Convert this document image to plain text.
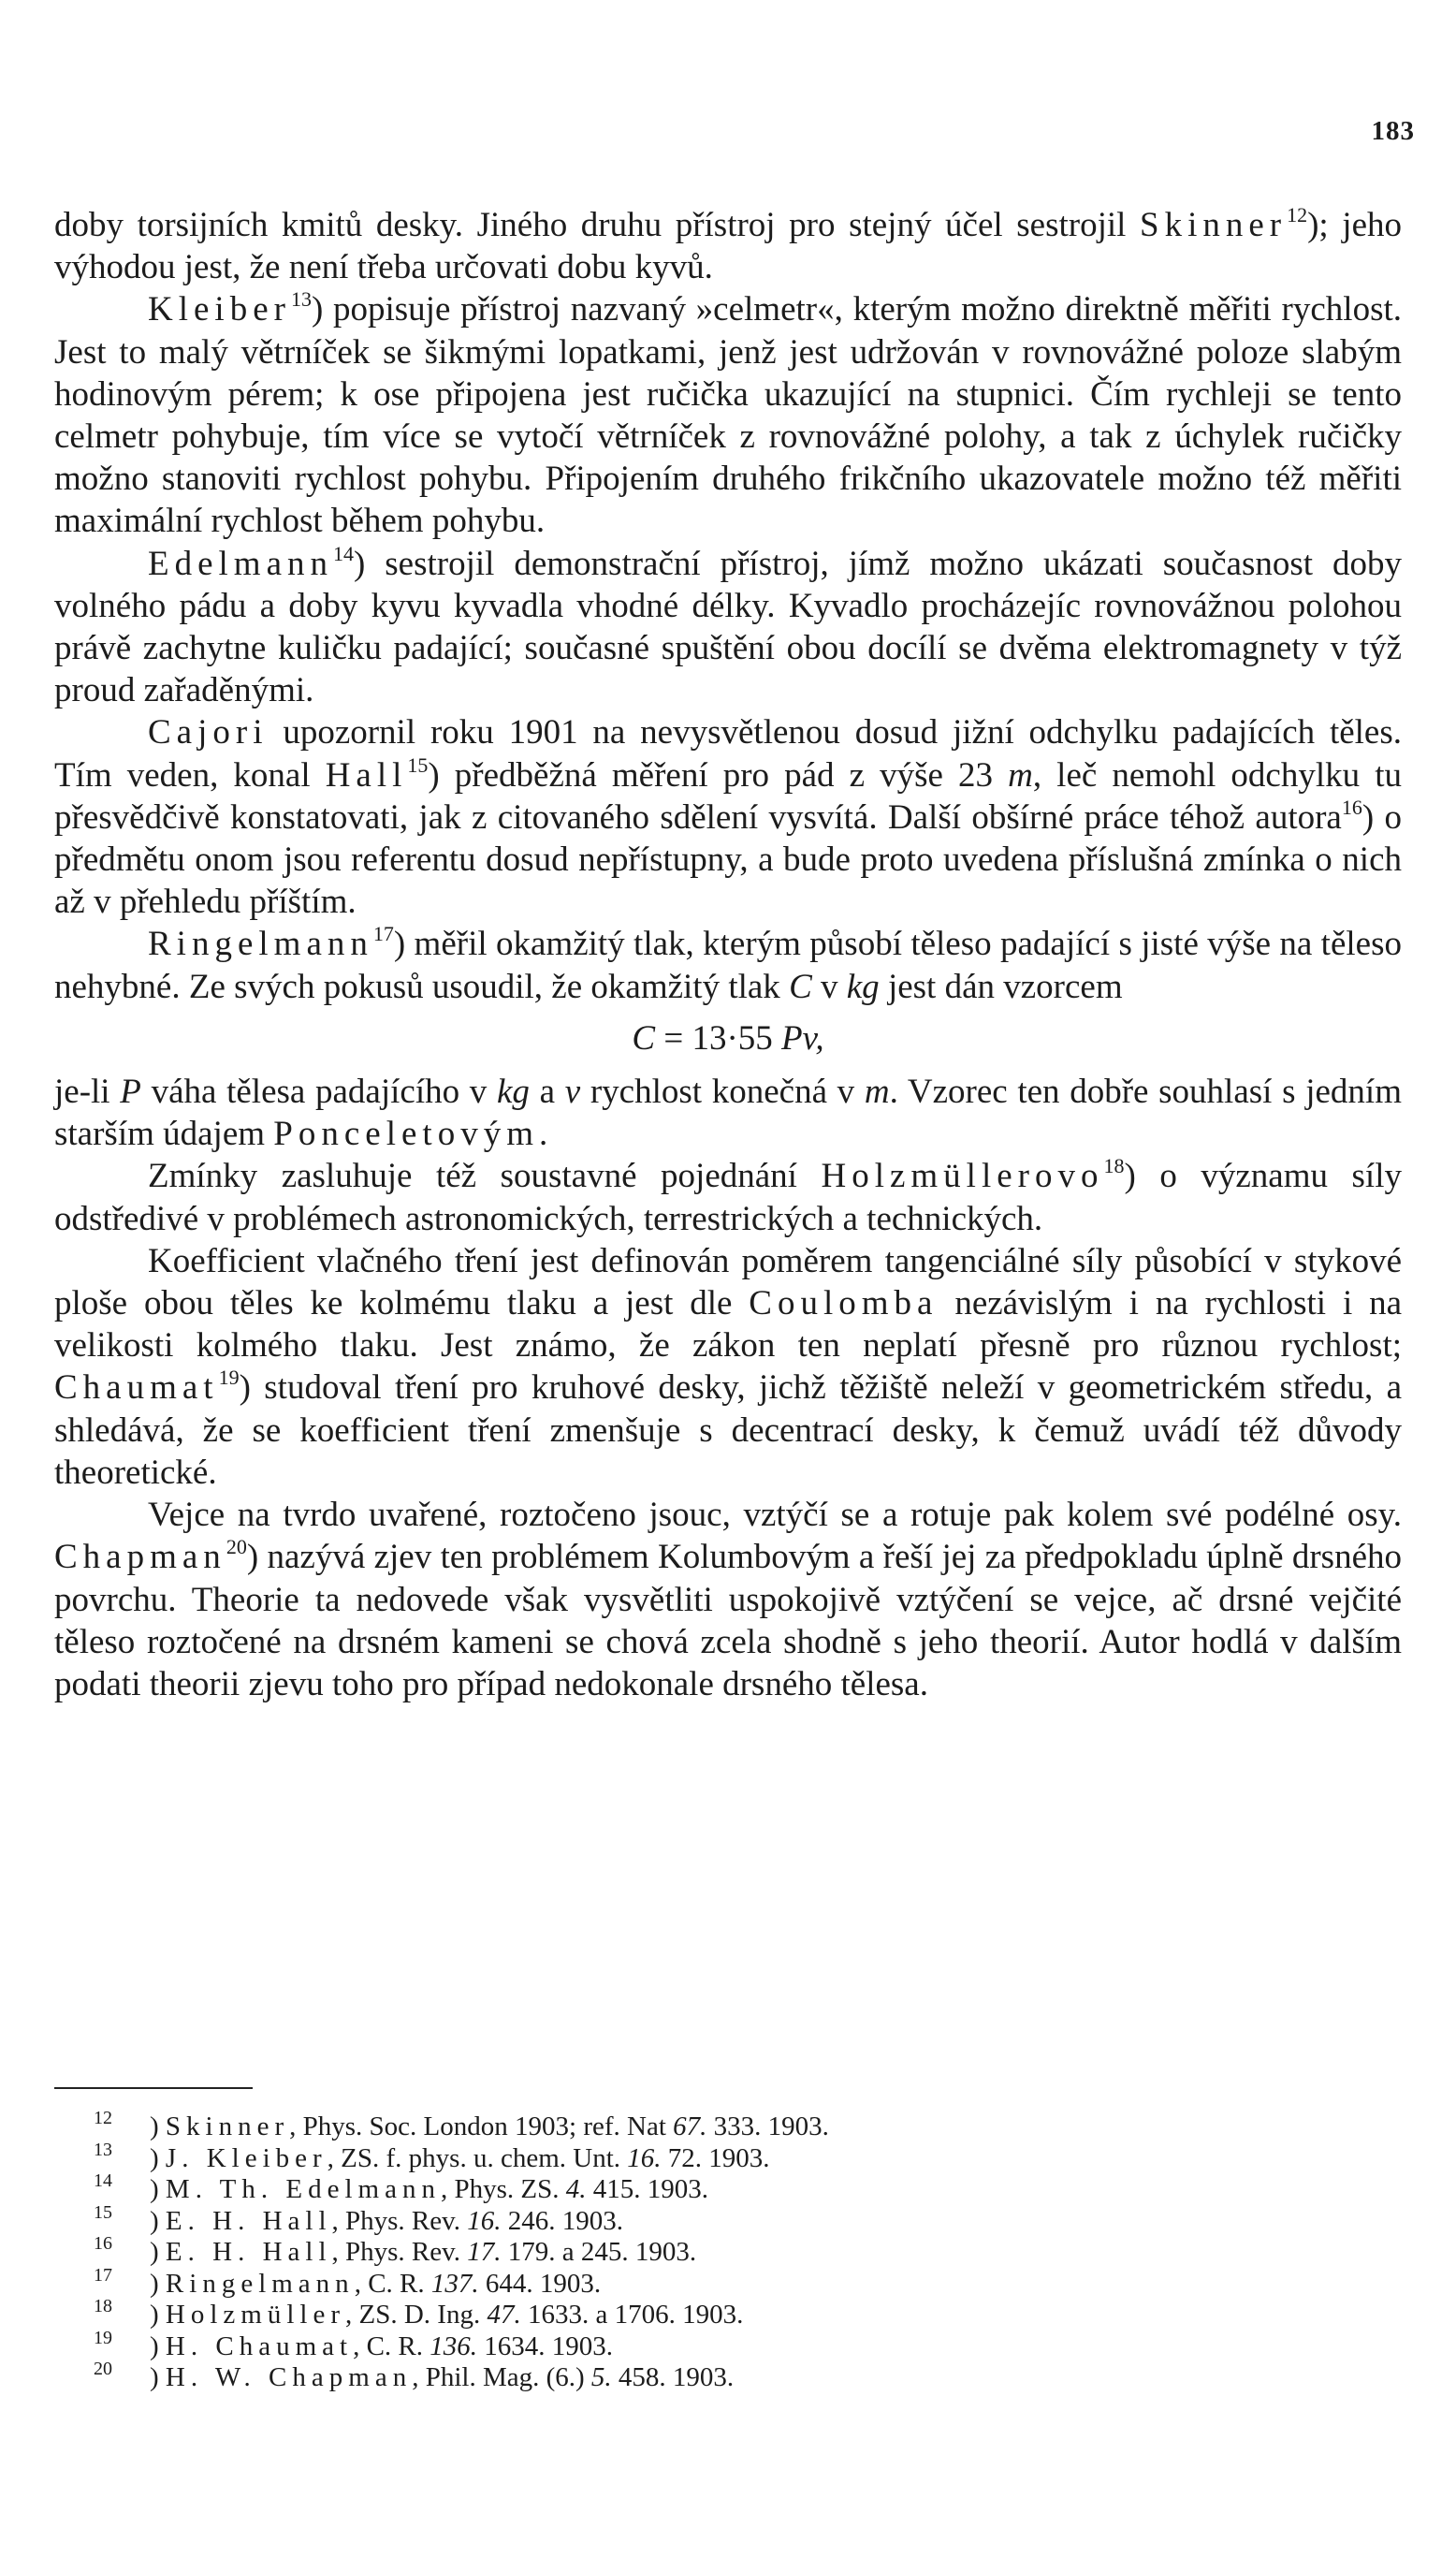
183

doby torsijních kmitů desky. Jiného druhu přístroj pro stejný účel sestrojil Skinner$^{12}$); jeho výhodou jest, že není třeba určovati dobu kyvů.

Kleiber$^{13}$) popisuje přístroj nazvaný »celmetr«, kterým možno direktně měřiti rychlost. Jest to malý větrníček se šikmými lopatkami, jenž jest udržován v rovnovážné poloze slabým hodinovým pérem; k ose připojena jest ručička ukazující na stupnici. Čím rychleji se tento celmetr pohybuje, tím více se vytočí větrníček z rovnovážné polohy, a tak z úchylek ručičky možno stanoviti rychlost pohybu. Připojením druhého frikčního ukazovatele možno též měřiti maximální rychlost během pohybu.

Edelmann$^{14}$) sestrojil demonstrační přístroj, jímž možno ukázati současnost doby volného pádu a doby kyvu kyvadla vhodné délky. Kyvadlo procházejíc rovnovážnou polohou právě zachytne kuličku padající; současné spuštění obou docílí se dvěma elektromagnety v týž proud zařaděnými.

Cajori upozornil roku 1901 na nevysvětlenou dosud jižní odchylku padajících těles. Tím veden, konal Hall$^{15}$) předběžná měření pro pád z výše 23 m, leč nemohl odchylku tu přesvědčivě konstatovati, jak z citovaného sdělení vysvítá. Další obšírné práce téhož autora$^{16}$) o předmětu onom jsou referentu dosud nepřístupny, a bude proto uvedena příslušná zmínka o nich až v přehledu příštím.

Ringelmann$^{17}$) měřil okamžitý tlak, kterým působí těleso padající s jisté výše na těleso nehybné. Ze svých pokusů usoudil, že okamžitý tlak C v kg jest dán vzorcem

C = 13·55 Pv,

je-li P váha tělesa padajícího v kg a v rychlost konečná v m. Vzorec ten dobře souhlasí s jedním starším údajem Ponceletovým.

Zmínky zasluhuje též soustavné pojednání Holzmüllerovo$^{18}$) o významu síly odstředivé v problémech astronomických, terrestrických a technických.

Koefficient vlačného tření jest definován poměrem tangenciálné síly působící v stykové ploše obou těles ke kolmému tlaku a jest dle Coulomba nezávislým i na rychlosti i na velikosti kolmého tlaku. Jest známo, že zákon ten neplatí přesně pro různou rychlost; Chaumat$^{19}$) studoval tření pro kruhové desky, jichž těžiště neleží v geometrickém středu, a shledává, že se koefficient tření zmenšuje s decentrací desky, k čemuž uvádí též důvody theoretické.

Vejce na tvrdo uvařené, roztočeno jsouc, vztýčí se a rotuje pak kolem své podélné osy. Chapman$^{20}$) nazývá zjev ten problémem Kolumbovým a řeší jej za předpokladu úplně drsného povrchu. Theorie ta nedovede však vysvětliti uspokojivě vztýčení se vejce, ač drsné vejčité těleso roztočené na drsném kameni se chová zcela shodně s jeho theorií. Autor hodlá v dalším podati theorii zjevu toho pro případ nedokonale drsného tělesa.

12 ) Skinner, Phys. Soc. London 1903; ref. Nat 67. 333. 1903.
13 ) J. Kleiber, ZS. f. phys. u. chem. Unt. 16. 72. 1903.
14 ) M. Th. Edelmann, Phys. ZS. 4. 415. 1903.
15 ) E. H. Hall, Phys. Rev. 16. 246. 1903.
16 ) E. H. Hall, Phys. Rev. 17. 179. a 245. 1903.
17 ) Ringelmann, C. R. 137. 644. 1903.
18 ) Holzmüller, ZS. D. Ing. 47. 1633. a 1706. 1903.
19 ) H. Chaumat, C. R. 136. 1634. 1903.
20 ) H. W. Chapman, Phil. Mag. (6.) 5. 458. 1903.
